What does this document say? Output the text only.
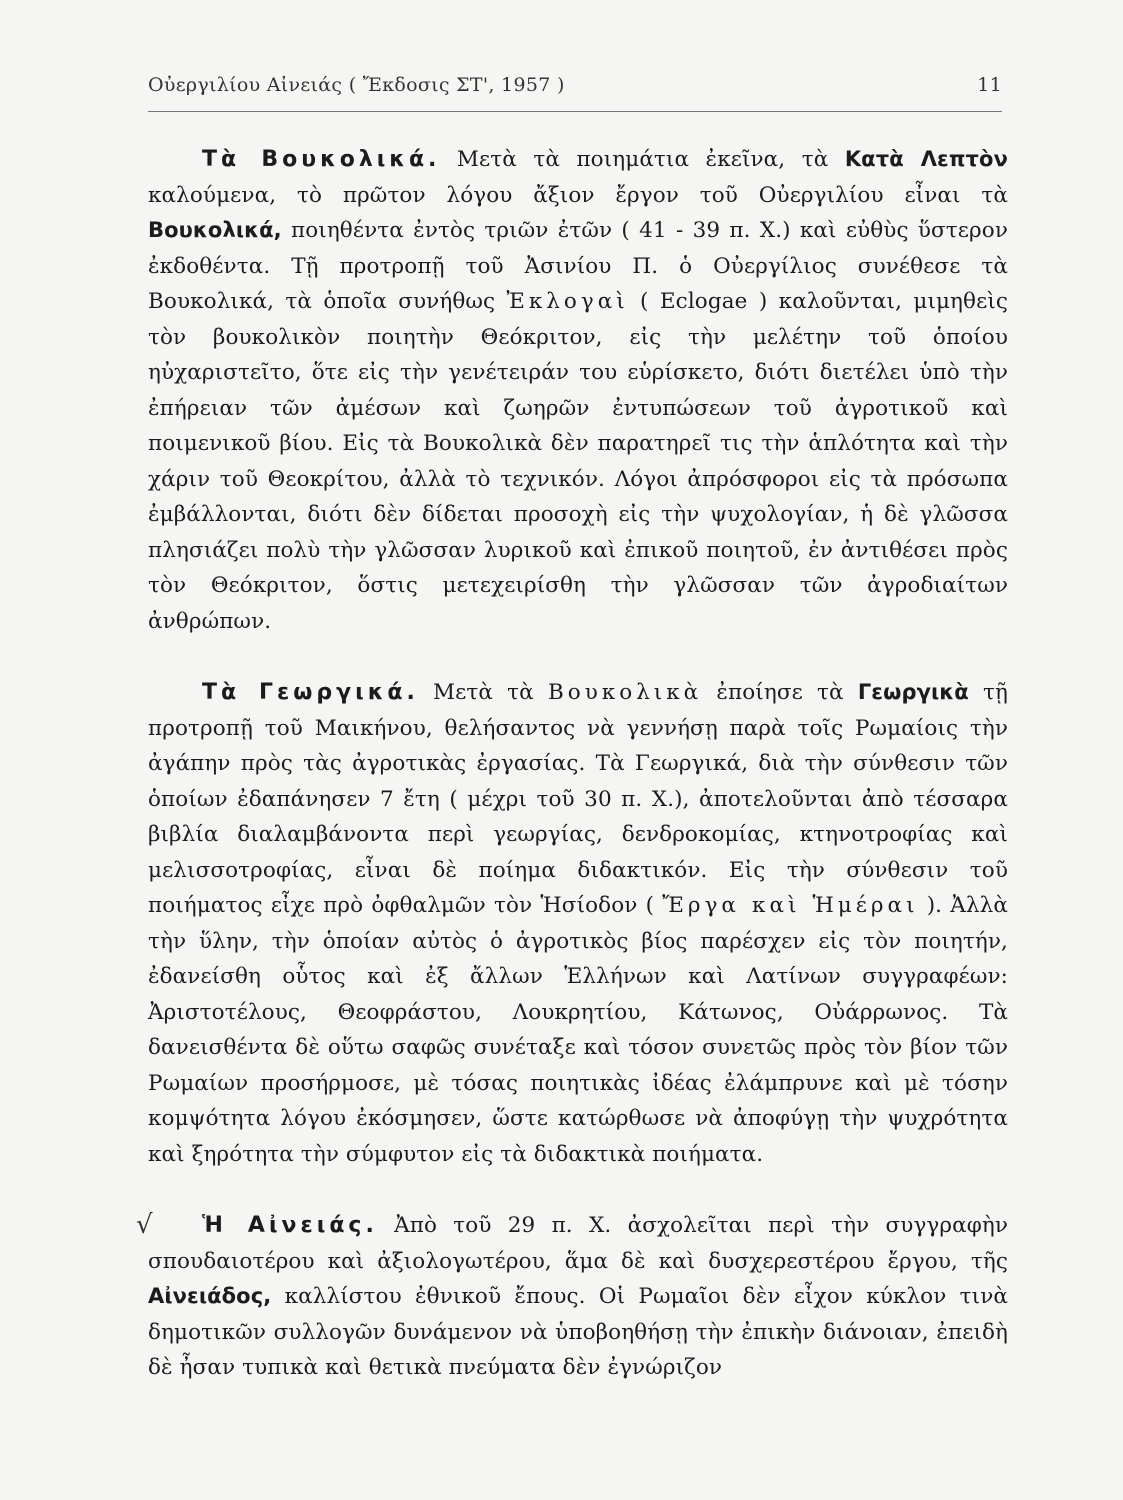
Οὐεργιλίου Αἰνειάς ( Ἔκδοσις ΣΤ', 1957 )	11

Τὰ Βουκολικά. Μετὰ τὰ ποιημάτια ἐκεῖνα, τὰ Κατὰ Λεπτὸν καλούμενα, τὸ πρῶτον λόγου ἄξιον ἔργον τοῦ Οὐεργιλίου εἶναι τὰ Βουκολικά, ποιηθέντα ἐντὸς τριῶν ἐτῶν ( 41 - 39 π. Χ.) καὶ εὐθὺς ὕστερον ἐκδοθέντα. Τῇ προτροπῇ τοῦ Ἀσινίου Π. ὁ Οὐεργίλιος συνέθεσε τὰ Βουκολικά, τὰ ὁποῖα συνήθως Ἐκλογαὶ ( Eclogae ) καλοῦνται, μιμηθεὶς τὸν βουκολικὸν ποιητὴν Θεόκριτον, εἰς τὴν μελέτην τοῦ ὁποίου ηὐχαριστεῖτο, ὅτε εἰς τὴν γενέτειράν του εὑρίσκετο, διότι διετέλει ὑπὸ τὴν ἐπήρειαν τῶν ἀμέσων καὶ ζωηρῶν ἐντυπώσεων τοῦ ἀγροτικοῦ καὶ ποιμενικοῦ βίου. Εἰς τὰ Βουκολικὰ δὲν παρατηρεῖ τις τὴν ἁπλότητα καὶ τὴν χάριν τοῦ Θεοκρίτου, ἀλλὰ τὸ τεχνικόν. Λόγοι ἀπρόσφοροι εἰς τὰ πρόσωπα ἐμβάλλονται, διότι δὲν δίδεται προσοχὴ εἰς τὴν ψυχολογίαν, ἡ δὲ γλῶσσα πλησιάζει πολὺ τὴν γλῶσσαν λυρικοῦ καὶ ἐπικοῦ ποιητοῦ, ἐν ἀντιθέσει πρὸς τὸν Θεόκριτον, ὅστις μετεχειρίσθη τὴν γλῶσσαν τῶν ἀγροδιαίτων ἀνθρώπων.

Τὰ Γεωργικά. Μετὰ τὰ Βουκολικὰ ἐποίησε τὰ Γεωργικὰ τῇ προτροπῇ τοῦ Μαικήνου, θελήσαντος νὰ γεννήσῃ παρὰ τοῖς Ρωμαίοις τὴν ἀγάπην πρὸς τὰς ἀγροτικὰς ἐργασίας. Τὰ Γεωργικά, διὰ τὴν σύνθεσιν τῶν ὁποίων ἐδαπάνησεν 7 ἔτη ( μέχρι τοῦ 30 π. Χ.), ἀποτελοῦνται ἀπὸ τέσσαρα βιβλία διαλαμβάνοντα περὶ γεωργίας, δενδροκομίας, κτηνοτροφίας καὶ μελισσοτροφίας, εἶναι δὲ ποίημα διδακτικόν. Εἰς τὴν σύνθεσιν τοῦ ποιήματος εἶχε πρὸ ὀφθαλμῶν τὸν Ἡσίοδον ( Ἔργα καὶ Ἡμέραι ). Ἀλλὰ τὴν ὕλην, τὴν ὁποίαν αὐτὸς ὁ ἀγροτικὸς βίος παρέσχεν εἰς τὸν ποιητήν, ἐδανείσθη οὗτος καὶ ἐξ ἄλλων Ἑλλήνων καὶ Λατίνων συγγραφέων: Ἀριστοτέλους, Θεοφράστου, Λουκρητίου, Κάτωνος, Οὐάρρωνος. Τὰ δανεισθέντα δὲ οὕτω σαφῶς συνέταξε καὶ τόσον συνετῶς πρὸς τὸν βίον τῶν Ρωμαίων προσήρμοσε, μὲ τόσας ποιητικὰς ἰδέας ἐλάμπρυνε καὶ μὲ τόσην κομψότητα λόγου ἐκόσμησεν, ὥστε κατώρθωσε νὰ ἀποφύγῃ τὴν ψυχρότητα καὶ ξηρότητα τὴν σύμφυτον εἰς τὰ διδακτικὰ ποιήματα.

√	Ἡ Αἰνειάς. Ἀπὸ τοῦ 29 π. Χ. ἀσχολεῖται περὶ τὴν συγγραφὴν σπουδαιοτέρου καὶ ἀξιολογωτέρου, ἅμα δὲ καὶ δυσχερεστέρου ἔργου, τῆς Αἰνειάδος, καλλίστου ἐθνικοῦ ἔπους. Οἱ Ρωμαῖοι δὲν εἶχον κύκλον τινὰ δημοτικῶν συλλογῶν δυνάμενον νὰ ὑποβοηθήσῃ τὴν ἐπικὴν διάνοιαν, ἐπειδὴ δὲ ἦσαν τυπικὰ καὶ θετικὰ πνεύματα δὲν ἐγνώριζον
